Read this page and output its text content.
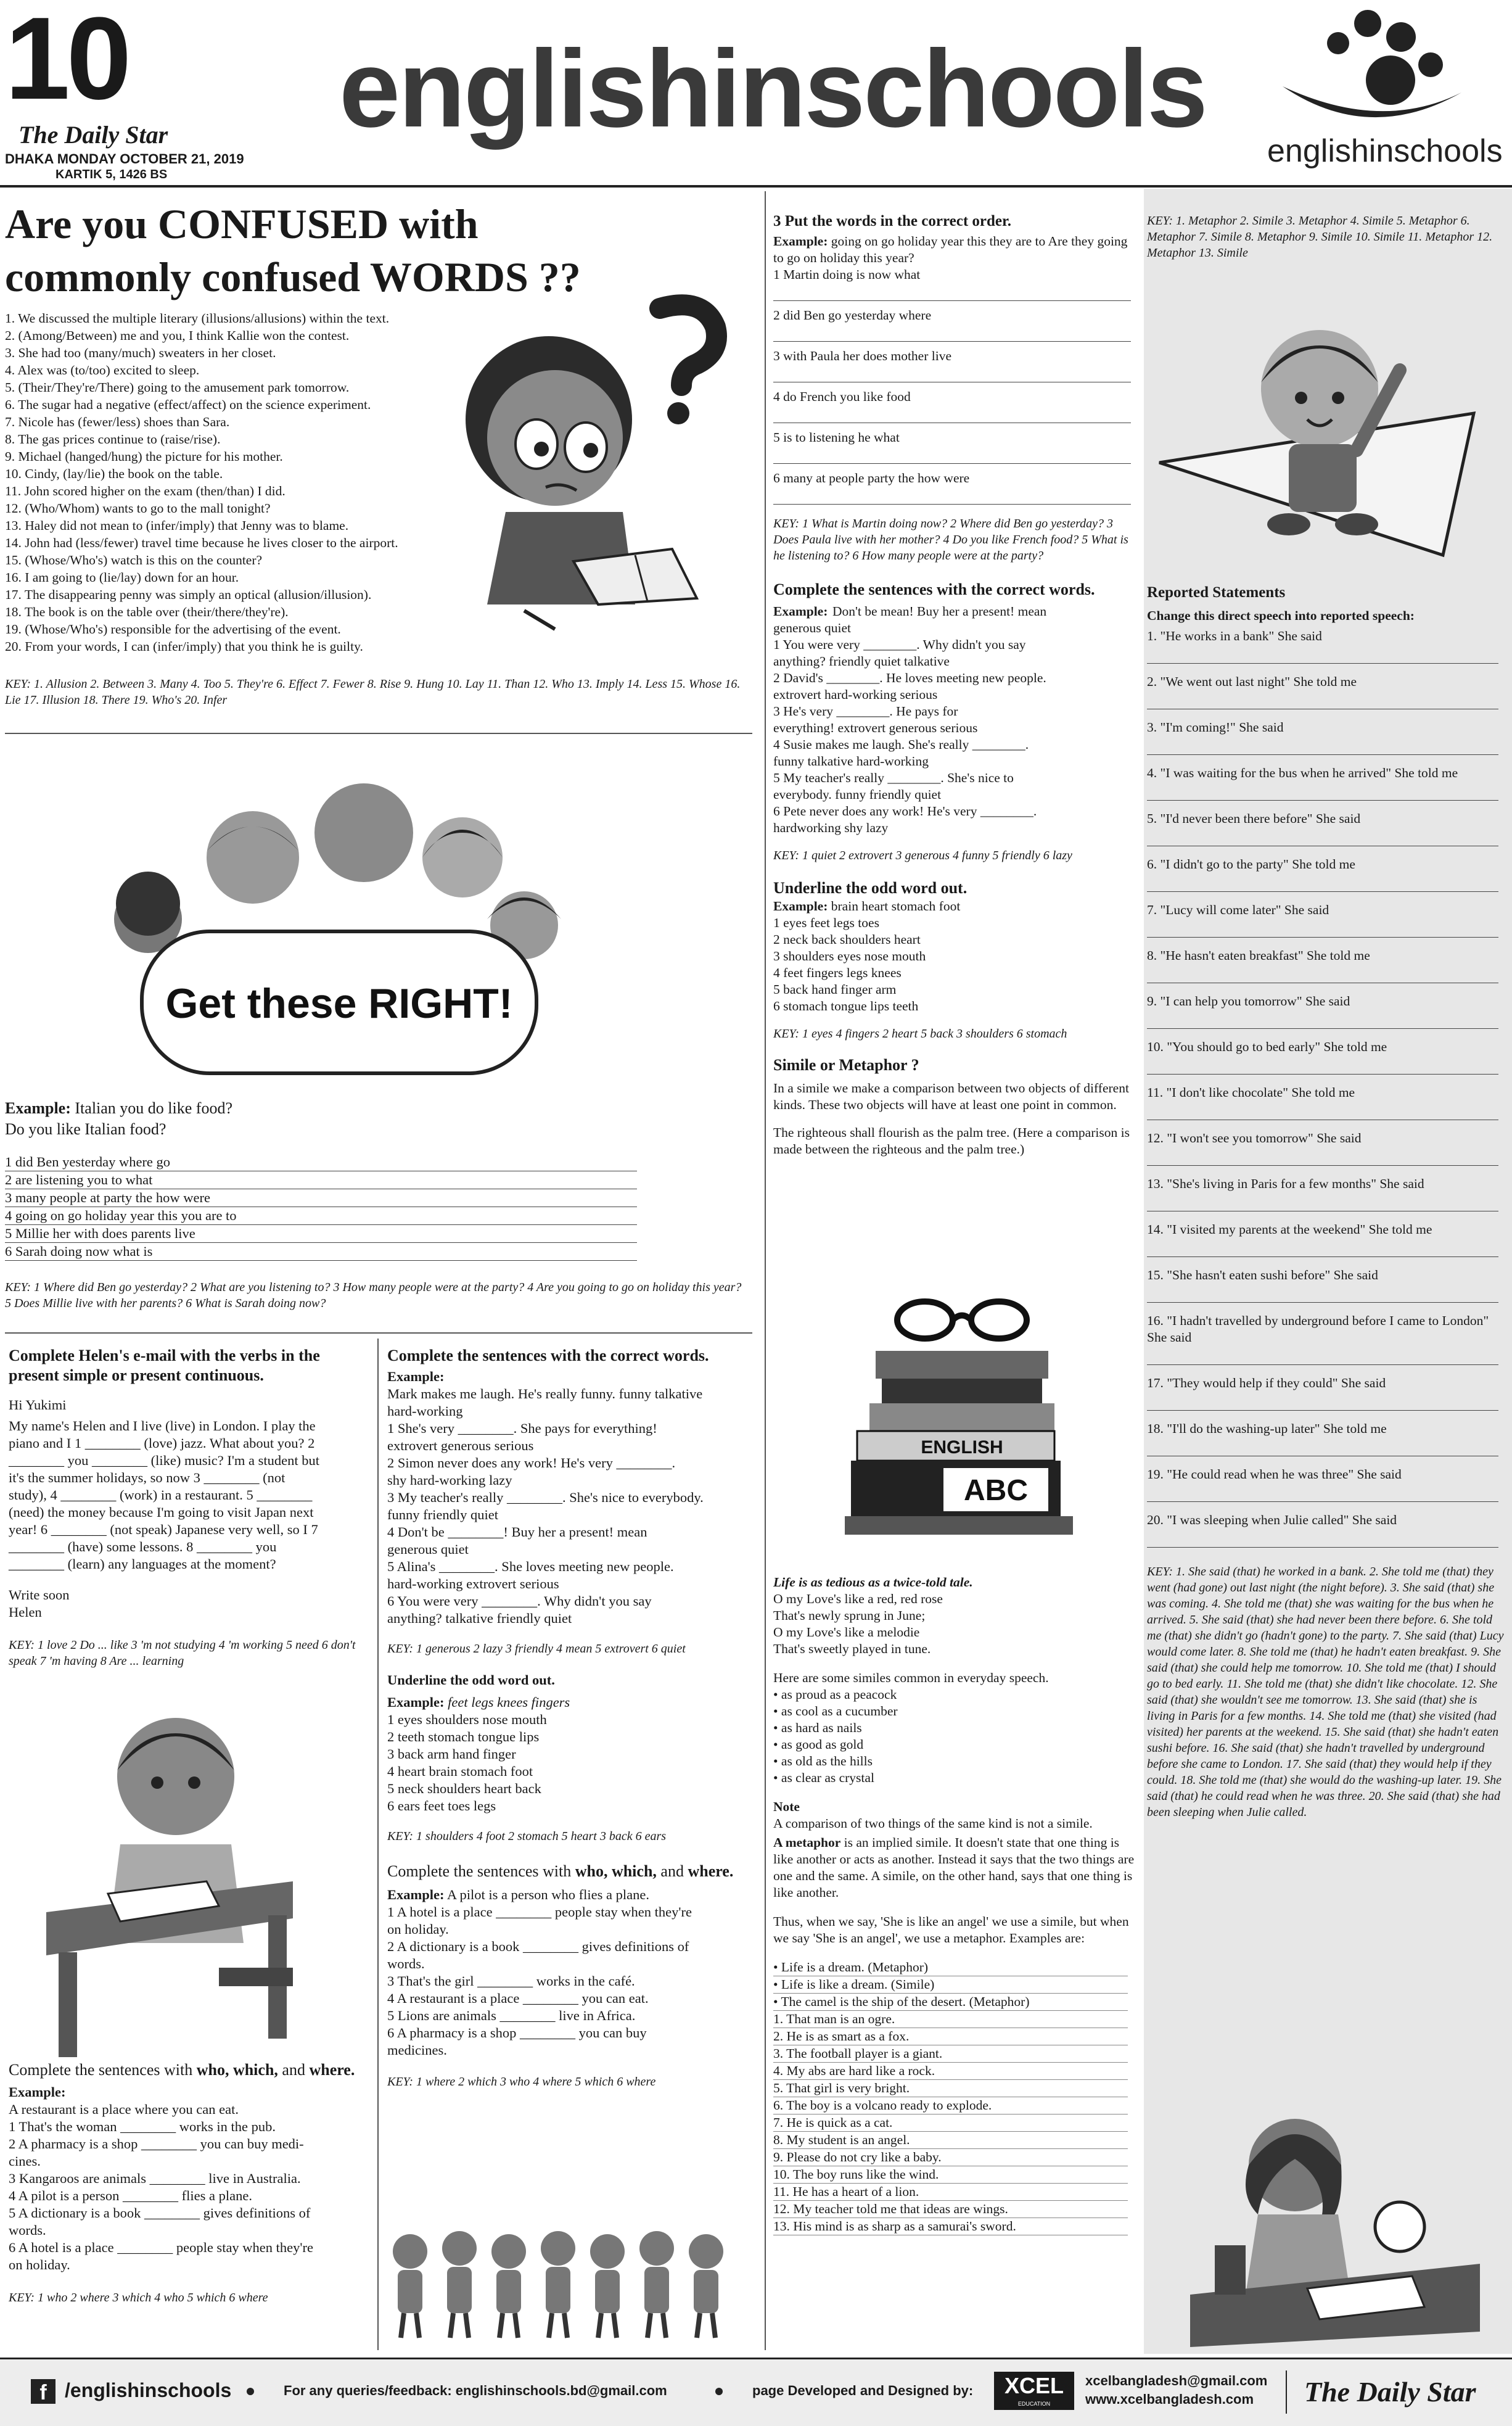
10
The Daily Star
DHAKA MONDAY OCTOBER 21, 2019
KARTIK 5, 1426 BS
englishinschools
englishinschools
Are you CONFUSED with
commonly confused WORDS ??
1. We discussed the multiple literary (illusions/allusions) within the text.
2. (Among/Between) me and you, I think Kallie won the contest.
3. She had too (many/much) sweaters in her closet.
4. Alex was (to/too) excited to sleep.
5. (Their/They're/There) going to the amusement park tomorrow.
6. The sugar had a negative (effect/affect) on the science experiment.
7. Nicole has (fewer/less) shoes than Sara.
8. The gas prices continue to (raise/rise).
9. Michael (hanged/hung) the picture for his mother.
10. Cindy, (lay/lie) the book on the table.
11. John scored higher on the exam (then/than) I did.
12. (Who/Whom) wants to go to the mall tonight?
13. Haley did not mean to (infer/imply) that Jenny was to blame.
14. John had (less/fewer) travel time because he lives closer to the airport.
15. (Whose/Who's) watch is this on the counter?
16. I am going to (lie/lay) down for an hour.
17. The disappearing penny was simply an optical (allusion/illusion).
18. The book is on the table over (their/there/they're).
19. (Whose/Who's) responsible for the advertising of the event.
20. From your words, I can (infer/imply) that you think he is guilty.
KEY: 1. Allusion 2. Between 3. Many 4. Too 5. They're 6. Effect 7. Fewer 8. Rise 9. Hung 10. Lay 11. Than 12. Who 13. Imply 14. Less 15. Whose 16. Lie 17. Illusion 18. There 19. Who's 20. Infer
Get these RIGHT!
Example: Italian you do like food?
Do you like Italian food?
1 did Ben yesterday where go
2 are listening you to what
3 many people at party the how were
4 going on go holiday year this you are to
5 Millie her with does parents live
6 Sarah doing now what is
KEY: 1 Where did Ben go yesterday? 2 What are you listening to? 3 How many people were at the party? 4 Are you going to go on holiday this year? 5 Does Millie live with her parents? 6 What is Sarah doing now?
Complete Helen's e-mail with the verbs in the present simple or present continuous.
Hi Yukimi
My name's Helen and I live (live) in London. I play the
piano and I 1 ________ (love) jazz. What about you? 2
________ you ________ (like) music? I'm a student but
it's the summer holidays, so now 3 ________ (not
study), 4 ________ (work) in a restaurant. 5 ________
(need) the money because I'm going to visit Japan next
year! 6 ________ (not speak) Japanese very well, so I 7
________ (have) some lessons. 8 ________ you
________ (learn) any languages at the moment?
Write soon
Helen
KEY: 1 love 2 Do ... like 3 'm not studying 4 'm working 5 need 6 don't speak 7 'm having 8 Are ... learning
Complete the sentences with who, which, and where.
Example:
A restaurant is a place where you can eat.
1 That's the woman ________ works in the pub.
2 A pharmacy is a shop ________ you can buy medi-
cines.
3 Kangaroos are animals ________ live in Australia.
4 A pilot is a person ________ flies a plane.
5 A dictionary is a book ________ gives definitions of
words.
6 A hotel is a place ________ people stay when they're
on holiday.
KEY: 1 who 2 where 3 which 4 who 5 which 6 where
Complete the sentences with the correct words.
Example:
Mark makes me laugh. He's really funny. funny talkative
hard-working
1 She's very ________. She pays for everything!
extrovert generous serious
2 Simon never does any work! He's very ________.
shy hard-working lazy
3 My teacher's really ________. She's nice to everybody.
funny friendly quiet
4 Don't be ________! Buy her a present! mean
generous quiet
5 Alina's ________. She loves meeting new people.
hard-working extrovert serious
6 You were very ________. Why didn't you say
anything? talkative friendly quiet
KEY: 1 generous 2 lazy 3 friendly 4 mean 5 extrovert 6 quiet
Underline the odd word out.
Example: feet legs knees fingers
1 eyes shoulders nose mouth
2 teeth stomach tongue lips
3 back arm hand finger
4 heart brain stomach foot
5 neck shoulders heart back
6 ears feet toes legs
KEY: 1 shoulders 4 foot 2 stomach 5 heart 3 back 6 ears
Complete the sentences with who, which, and where.
Example: A pilot is a person who flies a plane.
1 A hotel is a place ________ people stay when they're
on holiday.
2 A dictionary is a book ________ gives definitions of
words.
3 That's the girl ________ works in the café.
4 A restaurant is a place ________ you can eat.
5 Lions are animals ________ live in Africa.
6 A pharmacy is a shop ________ you can buy
medicines.
KEY: 1 where 2 which 3 who 4 where 5 which 6 where
3 Put the words in the correct order.
Example: going on go holiday year this they are to Are they going to go on holiday this year?
1 Martin doing is now what
2 did Ben go yesterday where
3 with Paula her does mother live
4 do French you like food
5 is to listening he what
6 many at people party the how were
KEY: 1 What is Martin doing now? 2 Where did Ben go yesterday? 3 Does Paula live with her mother? 4 Do you like French food? 5 What is he listening to? 6 How many people were at the party?
Complete the sentences with the correct words.
Example: Don't be mean! Buy her a present! mean
generous quiet
1 You were very ________. Why didn't you say
anything? friendly quiet talkative
2 David's ________. He loves meeting new people.
extrovert hard-working serious
3 He's very ________. He pays for
everything! extrovert generous serious
4 Susie makes me laugh. She's really ________.
funny talkative hard-working
5 My teacher's really ________. She's nice to
everybody. funny friendly quiet
6 Pete never does any work! He's very ________.
hardworking shy lazy
KEY: 1 quiet 2 extrovert 3 generous 4 funny 5 friendly 6 lazy
Underline the odd word out.
Example: brain heart stomach foot
1 eyes feet legs toes
2 neck back shoulders heart
3 shoulders eyes nose mouth
4 feet fingers legs knees
5 back hand finger arm
6 stomach tongue lips teeth
KEY: 1 eyes 4 fingers 2 heart 5 back 3 shoulders 6 stomach
Simile or Metaphor ?
In a simile we make a comparison between two objects of different kinds. These two objects will have at least one point in common.
The righteous shall flourish as the palm tree. (Here a comparison is made between the righteous and the palm tree.)
ENGLISH
ABC
Life is as tedious as a twice-told tale.
O my Love's like a red, red rose
That's newly sprung in June;
O my Love's like a melodie
That's sweetly played in tune.
Here are some similes common in everyday speech.
• as proud as a peacock
• as cool as a cucumber
• as hard as nails
• as good as gold
• as old as the hills
• as clear as crystal
Note
A comparison of two things of the same kind is not a simile.
A metaphor is an implied simile. It doesn't state that one thing is like another or acts as another. Instead it says that the two things are one and the same. A simile, on the other hand, says that one thing is like another.
Thus, when we say, 'She is like an angel' we use a simile, but when we say 'She is an angel', we use a metaphor. Examples are:
• Life is a dream. (Metaphor)
• Life is like a dream. (Simile)
• The camel is the ship of the desert. (Metaphor)
1. That man is an ogre.
2. He is as smart as a fox.
3. The football player is a giant.
4. My abs are hard like a rock.
5. That girl is very bright.
6. The boy is a volcano ready to explode.
7. He is quick as a cat.
8. My student is an angel.
9. Please do not cry like a baby.
10. The boy runs like the wind.
11. He has a heart of a lion.
12. My teacher told me that ideas are wings.
13. His mind is as sharp as a samurai's sword.
KEY: 1. Metaphor 2. Simile 3. Metaphor 4. Simile 5. Metaphor 6. Metaphor 7. Simile 8. Metaphor 9. Simile 10. Simile 11. Metaphor 12. Metaphor 13. Simile
Reported Statements
Change this direct speech into reported speech:
1. "He works in a bank" She said
2. "We went out last night" She told me
3. "I'm coming!" She said
4. "I was waiting for the bus when he arrived" She told me
5. "I'd never been there before" She said
6. "I didn't go to the party" She told me
7. "Lucy will come later" She said
8. "He hasn't eaten breakfast" She told me
9. "I can help you tomorrow" She said
10. "You should go to bed early" She told me
11. "I don't like chocolate" She told me
12. "I won't see you tomorrow" She said
13. "She's living in Paris for a few months" She said
14. "I visited my parents at the weekend" She told me
15. "She hasn't eaten sushi before" She said
16. "I hadn't travelled by underground before I came to London" She said
17. "They would help if they could" She said
18. "I'll do the washing-up later" She told me
19. "He could read when he was three" She said
20. "I was sleeping when Julie called" She said
KEY: 1. She said (that) he worked in a bank. 2. She told me (that) they went (had gone) out last night (the night before). 3. She said (that) she was coming. 4. She told me (that) she was waiting for the bus when he arrived. 5. She said (that) she had never been there before. 6. She told me (that) she didn't go (hadn't gone) to the party. 7. She said (that) Lucy would come later. 8. She told me (that) he hadn't eaten breakfast. 9. She said (that) she could help me tomorrow. 10. She told me (that) I should go to bed early. 11. She told me (that) she didn't like chocolate. 12. She said (that) she wouldn't see me tomorrow. 13. She said (that) she is living in Paris for a few months. 14. She told me (that) she visited (had visited) her parents at the weekend. 15. She said (that) she hadn't eaten sushi before. 16. She said (that) she hadn't travelled by underground before she came to London. 17. She said (that) they would help if they could. 18. She told me (that) she would do the washing-up later. 19. She said (that) he could read when he was three. 20. She said (that) she had been sleeping when Julie called.
f /englishinschools	For any queries/feedback: englishinschools.bd@gmail.com	page Developed and Designed by:	XCEL
EDUCATION
xcelbangladesh@gmail.com
www.xcelbangladesh.com The Daily Star
